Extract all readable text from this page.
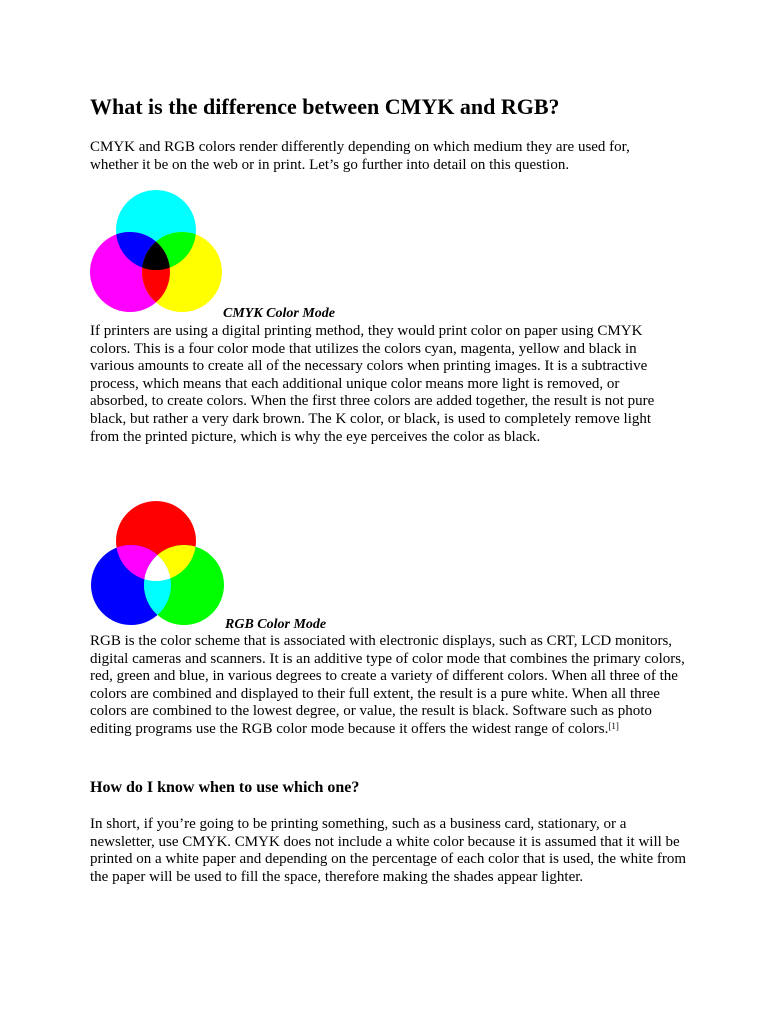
What is the difference between CMYK and RGB?

CMYK and RGB colors render differently depending on which medium they are used for, whether it be on the web or in print. Let’s go further into detail on this question.

CMYK Color Mode

If printers are using a digital printing method, they would print color on paper using CMYK colors. This is a four color mode that utilizes the colors cyan, magenta, yellow and black in various amounts to create all of the necessary colors when printing images. It is a subtractive process, which means that each additional unique color means more light is removed, or absorbed, to create colors. When the first three colors are added together, the result is not pure black, but rather a very dark brown. The K color, or black, is used to completely remove light from the printed picture, which is why the eye perceives the color as black.

RGB Color Mode

RGB is the color scheme that is associated with electronic displays, such as CRT, LCD monitors, digital cameras and scanners. It is an additive type of color mode that combines the primary colors, red, green and blue, in various degrees to create a variety of different colors. When all three of the colors are combined and displayed to their full extent, the result is a pure white. When all three colors are combined to the lowest degree, or value, the result is black. Software such as photo editing programs use the RGB color mode because it offers the widest range of colors.[1]

How do I know when to use which one?

In short, if you’re going to be printing something, such as a business card, stationary, or a newsletter, use CMYK. CMYK does not include a white color because it is assumed that it will be printed on a white paper and depending on the percentage of each color that is used, the white from the paper will be used to fill the space, therefore making the shades appear lighter.
